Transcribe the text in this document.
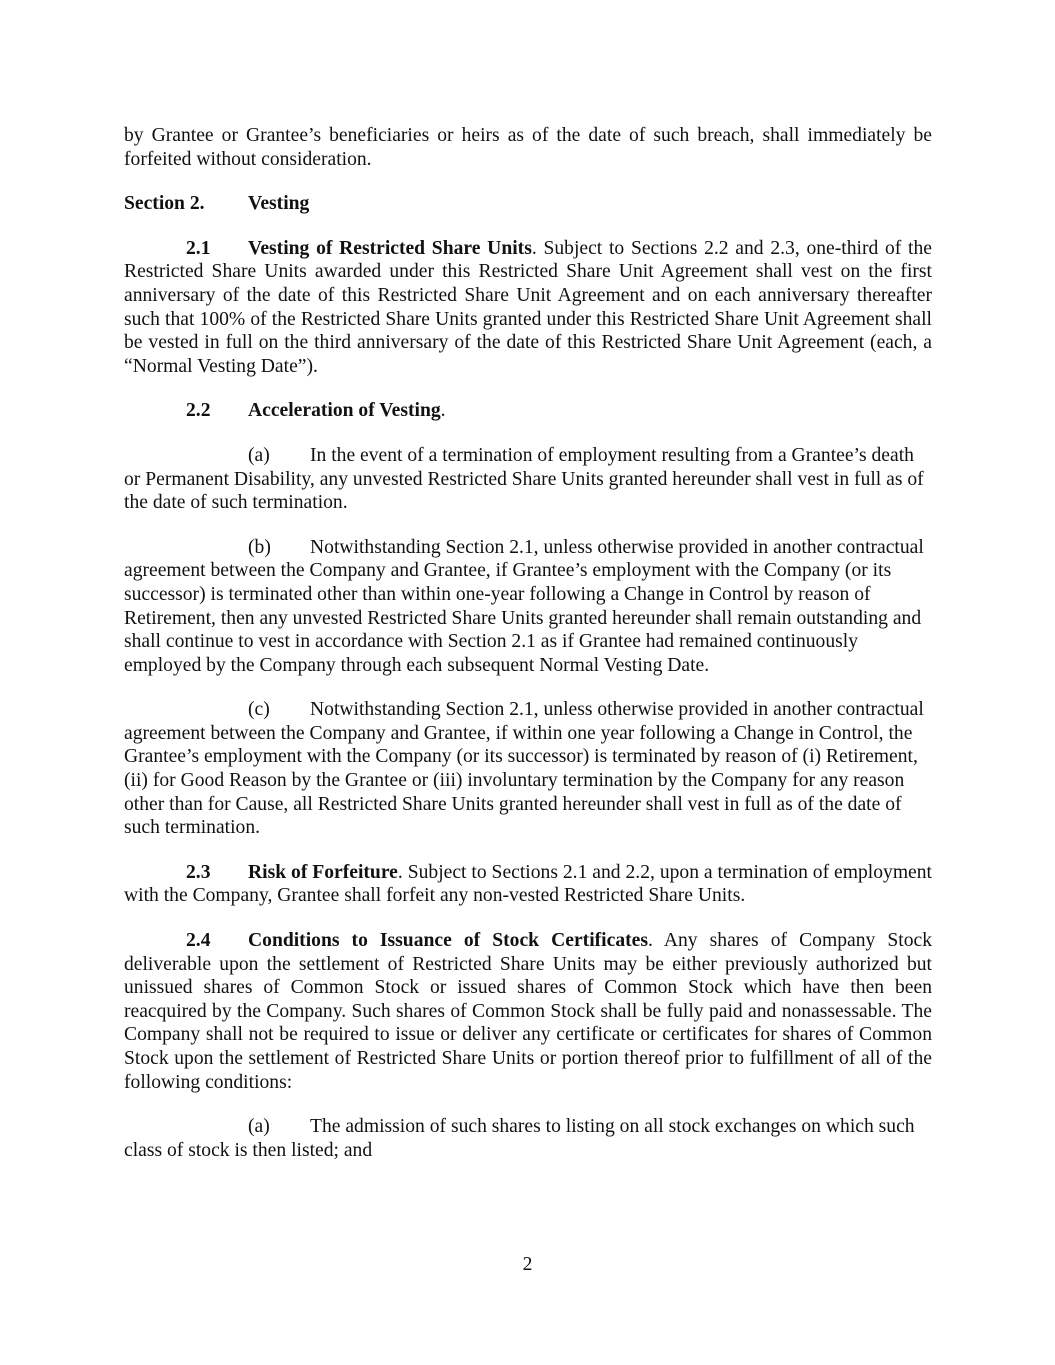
by Grantee or Grantee’s beneficiaries or heirs as of the date of such breach, shall immediately be forfeited without consideration.

Section 2. Vesting

2.1 Vesting of Restricted Share Units. Subject to Sections 2.2 and 2.3, one-third of the Restricted Share Units awarded under this Restricted Share Unit Agreement shall vest on the first anniversary of the date of this Restricted Share Unit Agreement and on each anniversary thereafter such that 100% of the Restricted Share Units granted under this Restricted Share Unit Agreement shall be vested in full on the third anniversary of the date of this Restricted Share Unit Agreement (each, a “Normal Vesting Date”).

2.2 Acceleration of Vesting.

(a) In the event of a termination of employment resulting from a Grantee’s death or Permanent Disability, any unvested Restricted Share Units granted hereunder shall vest in full as of the date of such termination.

(b) Notwithstanding Section 2.1, unless otherwise provided in another contractual agreement between the Company and Grantee, if Grantee’s employment with the Company (or its successor) is terminated other than within one-year following a Change in Control by reason of Retirement, then any unvested Restricted Share Units granted hereunder shall remain outstanding and shall continue to vest in accordance with Section 2.1 as if Grantee had remained continuously employed by the Company through each subsequent Normal Vesting Date.

(c) Notwithstanding Section 2.1, unless otherwise provided in another contractual agreement between the Company and Grantee, if within one year following a Change in Control, the Grantee’s employment with the Company (or its successor) is terminated by reason of (i) Retirement, (ii) for Good Reason by the Grantee or (iii) involuntary termination by the Company for any reason other than for Cause, all Restricted Share Units granted hereunder shall vest in full as of the date of such termination.

2.3 Risk of Forfeiture. Subject to Sections 2.1 and 2.2, upon a termination of employment with the Company, Grantee shall forfeit any non-vested Restricted Share Units.

2.4 Conditions to Issuance of Stock Certificates. Any shares of Company Stock deliverable upon the settlement of Restricted Share Units may be either previously authorized but unissued shares of Common Stock or issued shares of Common Stock which have then been reacquired by the Company. Such shares of Common Stock shall be fully paid and nonassessable. The Company shall not be required to issue or deliver any certificate or certificates for shares of Common Stock upon the settlement of Restricted Share Units or portion thereof prior to fulfillment of all of the following conditions:

(a) The admission of such shares to listing on all stock exchanges on which such class of stock is then listed; and

2
